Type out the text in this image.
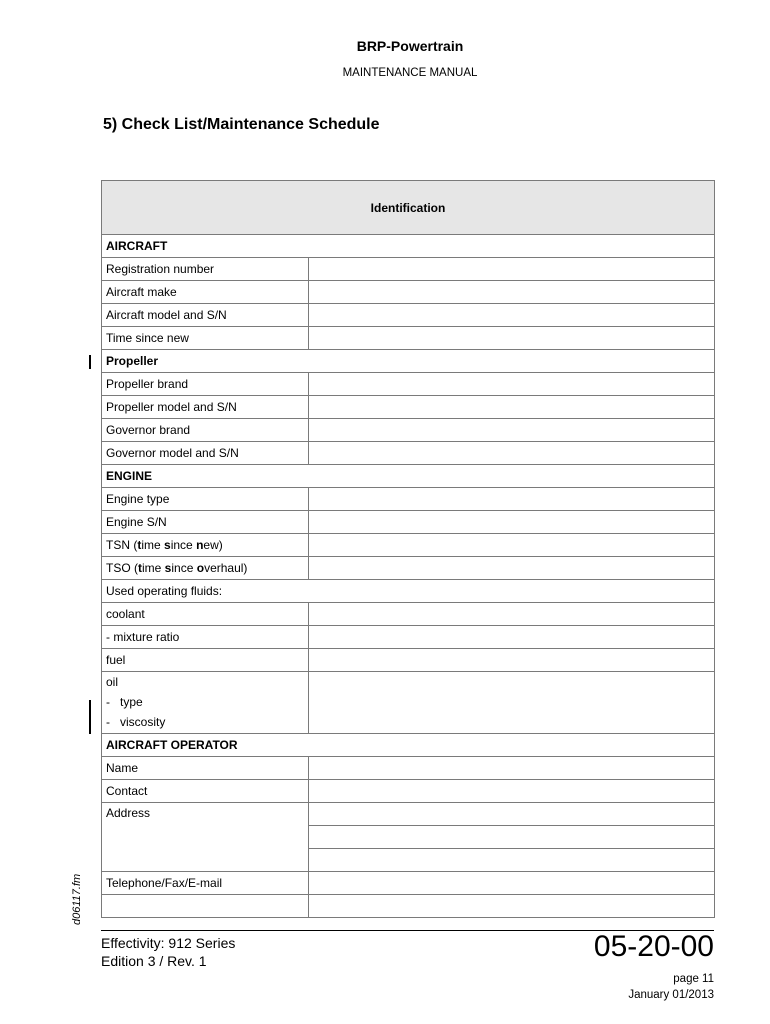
BRP-Powertrain
MAINTENANCE MANUAL
5) Check List/Maintenance Schedule
Identification	
AIRCRAFT	
Registration number	
Aircraft make	
Aircraft model and S/N	
Time since new	
Propeller	
Propeller brand	
Propeller model and S/N	
Governor brand	
Governor model and S/N	
ENGINE	
Engine type	
Engine S/N	
TSN (time since new)	
TSO (time since overhaul)	
Used operating fluids:	
coolant	
- mixture ratio	
fuel	

oil
- type
- viscosity	

AIRCRAFT OPERATOR	
Name	
Contact	
Address	

Telephone/Fax/E-mail	

d06117.fm
Effectivity: 912 Series
Edition 3 / Rev. 1	05-20-00
page 11
January 01/2013
